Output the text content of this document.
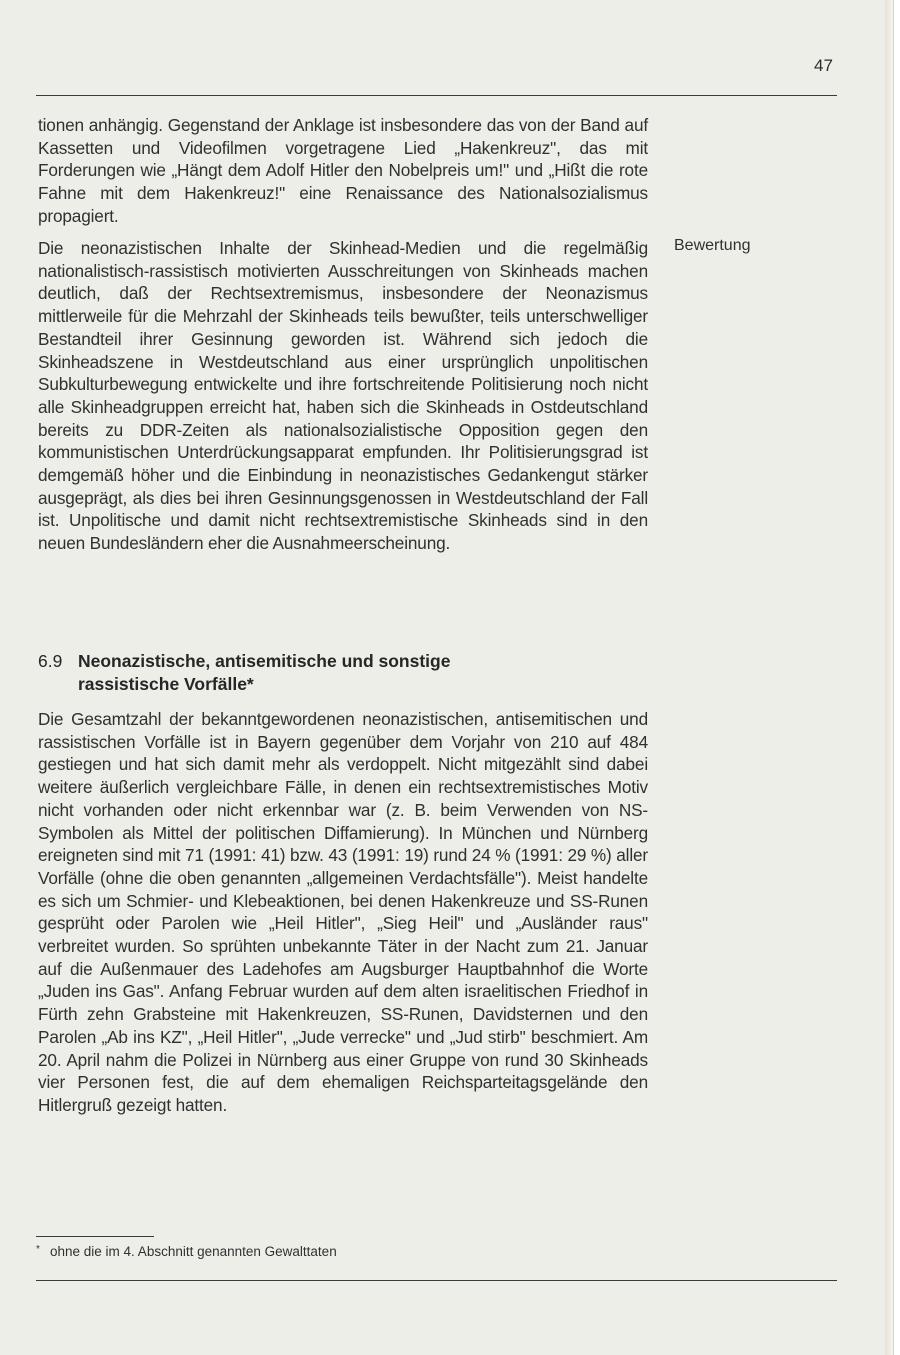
47

tionen anhängig. Gegenstand der Anklage ist insbesondere das von der Band auf Kassetten und Videofilmen vorgetragene Lied „Hakenkreuz", das mit Forderungen wie „Hängt dem Adolf Hitler den Nobelpreis um!" und „Hißt die rote Fahne mit dem Hakenkreuz!" eine Renaissance des Nationalsozialismus propagiert.

Die neonazistischen Inhalte der Skinhead-Medien und die regelmäßig nationalistisch-rassistisch motivierten Ausschreitungen von Skinheads machen deutlich, daß der Rechtsextremismus, insbesondere der Neonazismus mittlerweile für die Mehrzahl der Skinheads teils bewußter, teils unterschwelliger Bestandteil ihrer Gesinnung geworden ist. Während sich jedoch die Skinheadszene in Westdeutschland aus einer ursprünglich unpolitischen Subkulturbewegung entwickelte und ihre fortschreitende Politisierung noch nicht alle Skinheadgruppen erreicht hat, haben sich die Skinheads in Ostdeutschland bereits zu DDR-Zeiten als nationalsozialistische Opposition gegen den kommunistischen Unterdrückungsapparat empfunden. Ihr Politisierungsgrad ist demgemäß höher und die Einbindung in neonazistisches Gedankengut stärker ausgeprägt, als dies bei ihren Gesinnungsgenossen in Westdeutschland der Fall ist. Unpolitische und damit nicht rechtsextremistische Skinheads sind in den neuen Bundesländern eher die Ausnahmeerscheinung.

Bewertung
6.9 Neonazistische, antisemitische und sonstige
rassistische Vorfälle*

Die Gesamtzahl der bekanntgewordenen neonazistischen, antisemitischen und rassistischen Vorfälle ist in Bayern gegenüber dem Vorjahr von 210 auf 484 gestiegen und hat sich damit mehr als verdoppelt. Nicht mitgezählt sind dabei weitere äußerlich vergleichbare Fälle, in denen ein rechtsextremistisches Motiv nicht vorhanden oder nicht erkennbar war (z. B. beim Verwenden von NS-Symbolen als Mittel der politischen Diffamierung). In München und Nürnberg ereigneten sind mit 71 (1991: 41) bzw. 43 (1991: 19) rund 24 % (1991: 29 %) aller Vorfälle (ohne die oben genannten „allgemeinen Verdachtsfälle"). Meist handelte es sich um Schmier- und Klebeaktionen, bei denen Hakenkreuze und SS-Runen gesprüht oder Parolen wie „Heil Hitler", „Sieg Heil" und „Ausländer raus" verbreitet wurden. So sprühten unbekannte Täter in der Nacht zum 21. Januar auf die Außenmauer des Ladehofes am Augsburger Hauptbahnhof die Worte „Juden ins Gas". Anfang Februar wurden auf dem alten israelitischen Friedhof in Fürth zehn Grabsteine mit Hakenkreuzen, SS-Runen, Davidsternen und den Parolen „Ab ins KZ", „Heil Hitler", „Jude verrecke" und „Jud stirb" beschmiert. Am 20. April nahm die Polizei in Nürnberg aus einer Gruppe von rund 30 Skinheads vier Personen fest, die auf dem ehemaligen Reichsparteitagsgelände den Hitlergruß gezeigt hatten.

* ohne die im 4. Abschnitt genannten Gewalttaten
